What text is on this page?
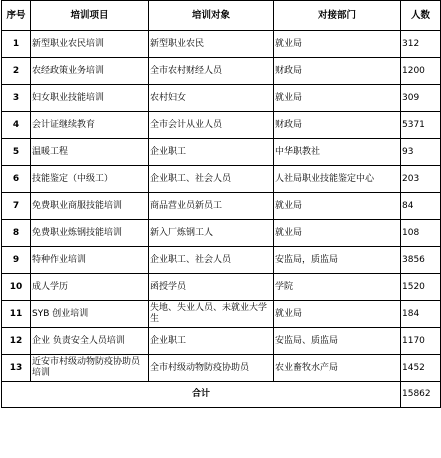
序号	培训项目	培训对象	对接部门	人数
1	新型职业农民培训	新型职业农民	就业局	312
2	农经政策业务培训	全市农村财经人员	财政局	1200
3	妇女职业技能培训	农村妇女	就业局	309
4	会计证继续教育	全市会计从业人员	财政局	5371
5	温暖工程	企业职工	中华职教社	93
6	技能鉴定（中级工）	企业职工、社会人员	人社局职业技能鉴定中心	203
7	免费职业商服技能培训	商品营业员新员工	就业局	84
8	免费职业炼钢技能培训	新入厂炼钢工人	就业局	108
9	特种作业培训	企业职工、社会人员	安监局，质监局	3856
10	成人学历	函授学员	学院	1520
11	SYB 创业培训	失地、失业人员、未就业大学生	就业局	184
12	企业 负责安全人员培训	企业职工	安监局、质监局	1170
13	近安市村级动物防疫协助员培训	全市村级动物防疫协助员	农业畜牧水产局	1452
合计				15862
